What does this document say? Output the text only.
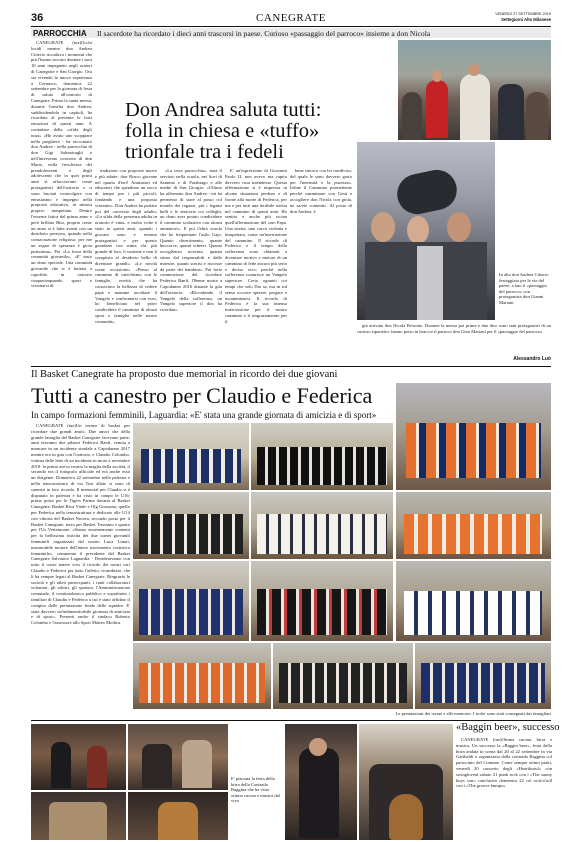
36	CANEGRATE	VENERDÌ 27 SETTEMBRE 2019
Settegiorni Alto Milanese
PARROCCHIA Il sacerdote ha ricordato i dieci anni trascorsi in paese. Curioso «passaggio del parroco» insieme a don Nicola
Don Andrea saluta tutti:
folla in chiesa e «tuffo»
trionfale tra i fedeli

CANEGRATE (tuz)Occhi lucidi mentre don Andrea Citterio ricordava i momenti che più l'hanno toccato durante i suoi 10 anni impegnato negli oratori di Canegrate e San Giorgio. Ora sta vivendo la nuova esperienza a Cernusco, domenica 22 settembre per la giornata di festa di saluto all'oratorio di Canegrate. Prima la santa messa, durante l'omelia don Andrea, suddividendola in capitoli, ha ricordato al presente le forti emozioni di questi anni. A contattare dalla «sfida degli inizi» «Ho avuto uno scoppiare nella preghiera - ha raccontato don Andrea - nella parrocchia di don Gigi Salmoiraghi e nell'intervento concreto di don Mario, nella freschezza dei preadolescenti e degli adolescenti che in quei primi anni si affacciavano come protagonisti dell'oratorio e si sono lasciati coinvolgere con entusiasmo e impegno nella proposta educativa, in misura proprio inaspettata. Dentro l'esserne fatica del primo anno e però brillato Rita, proprio come un anno si è fatta avanti con un desiderio prezioso, quando nella consacrazione religiosa: per me un segno di speranza e gioia purissima». Poi «La forza della comunità giovanile», «E' stato un dono speciale. Una comunità giovanile che si è buttata a capofitto in oratorio cinquecinquando spazi e visionarsi di

tradizioni con proposte nuove e più adatte: don Bosco giovane nel quarto d'ieri! Animatori ed educatori che spendono un sacco di tempo per i più piccoli, fondando e una proposta vincente». Don Andrea ha parlato poi del «servizio degli adulti» «La sfida della presenza adulta in oratorio è vinta, e molto volte è stato in questi anni, quando i giovani sono e restano protagonisti e per questo guardano con stima chi, più grande di loro, li sostiene e non li conquista al desiderio bello di diventare grandi». «Le novità come occasione» «Penso al cammino di catechismo con le famiglie, novità che ha conosciuto la bellezza di vedere papà e mamme ascoltare il Vangelo e confrontarsi con esso, ho beneficiato nel poter condividere il cammino di alcuni sposi e famiglie nelle nostre comunità».

«La terra parrocchia», nota il servizio nella scuola, nei licei di Sannino e di Parabiago e alle medie di San Giorgio: «Ultimo ha affermato don Andrea - mi ha permesso di stare al passo col mondo dei ragazzi, più i legami belli e le amicizie coi colleghi, un dono aver potuto condividere il cammino scolastico con alcuni animatori». E poi l'altra scuola che ho frequentato l'asilo Gajo. Quanto divertimento, quante buccacce, quanti scherzi. Quanta accoglienza ricevuta, quanta stima dal responsabili e dalle maestre, quanti sorrisi e riscosse da parte dei bambini». Poi forte commozione del ricordare Federica Banfi, l'8enne morta a Capodanno 2016 durante la gita dell'oratorio: «Ricordando il Vangelo della sofferenza, un Vangelo superiore il don ha ricordato:

E' un'espressione di Giovanni Paolo II, non avevo ma capito davvero cosa intendesse. Questa affermazione si è impressa in alcune situazioni perdure e di fronte alla morte di Federica, per me e per tutti una terribile stretta nel cammino di questi anni. Ho sentito e anche più vicina quell'affermazione del caro Papa. Una stretta, una curva violenta e inaspettata, come un'interruzione del cammino. Il ricordo di Federica e il tempo della sofferenza sono chiamati a diventare motivo e motore di un cammino di fede ancora più serio e deciso ecco perché nella sofferenza scaturisce un Vangelo superiore. Certo ognuno coi tempi che solo Dio sa, ma in sul senso occorre sperare, pregare e incamminarsi. Il ricordo di Federica è la sua intensa intercessione per il nostro cammino e il ringraziamento per il

bene sincero con lei condiviso, del quale le sono davvero grato per l'intensità e la purezza». Infine il Cammino promettente perché camminare con Gesù e accogliere don Nicola con gioia, ne sarete contenti». Al posto di don Andrea, è

In alto don Andrea Citterio festeggiato per le vie del paese; a lato il «passaggio del parroco» con protagonista don Gianni Mariani

già arrivato don Nicola Petronio. Durante la messa poi prima e due dico sono stati protagonisti di un curioso siparietto: hanno preso in braccio il parroco don Gino Mariani per il «passaggio del parroco».

Alessandro Luò
Il Basket Canegrate ha proposto due memorial in ricordo dei due giovani
Tutti a canestro per Claudio e Federica
In campo formazioni femminili, Laguardia: «E' stata una grande giornata di amicizia e di sport»

CANEGRATE (tuz)Un torneo di basket per ricordare due grandi amici. Due amici che della grande famiglia del Basket Canegrate facevano parte, anni eravamo due pilastri Federica Banfi, venuta a mancare in un incidente stradale a Capodanno 2017 mentre era in gita con l'oratorio, e Claudio Colombo, vittima delle lette di un incidente in moto a novembre 2018: la prima aveva vestito la maglia della società, il secondo era il fotografo ufficiale ed era anche esso un dirigente. Domenica 22 settembre nella palestra e nella tensostruttura di via Tosi allaie si sono di canestri in loro ricordo. Il memorial per Claudio si è disputato in palestra e ha visto in campo le U16: primo posto per le Tigers Parma davanti al Basket Canegrate, Basket Riva Vitale e Olg Giussano; quello per Federica nella tensostruttura e dedicato alle U14 con vittoria del Basket Nocera, secondo posto per il Basket Canegrate, terzo per Basket Trezzano e quarto per l'Us Vertemonte. «Siamo enormemente contenti per la bellissima riuscita dei due tornei giovanili femminili organizzati dal nostro Luca Linari, instancabile motore dell'intero movimento cestistico femminile», commenta il presidente del Basket Canegrate Salvatore Laguardia - Desideravamo con tutto il cuore tenere vivo il ricordo dei nostri cari Claudio e Federica per tutto l'affetto, ricambiato, che li ha sempre legati al Basket Canegrate. Ringrazio le società e gli atleti partecipanti, i tanti collaboratori volontari, gli arbitri, gli sponsor, l'Amministrazione comunale, il comitatobasico pubblico e soprattutto i familiari di Claudio e Federica a cui è stato affidato il compito delle premiazione finale delle squadre. E' stata davvero un'indimenticabile giornata di amicizia e di sport». Presenti anche il sindaco Roberto Colombo e l'assessore allo Sport Matteo Modica.

Le premiazioni dei tornei e alle memorie. I trofei sono stati consegnati dai famigliari
E' piaciuta la festa della birra della Contrada Baggina che ha visto ottima cucina e musica dal vivo
«Baggin beer», successo

CANEGRATE (tuz)Ottima cucina, birra e musica. Un successo la «Baggin beer», festa della birra andata in scena dal 20 al 22 settembre in via Garibaldi e organizzata dalla contrada Baggina col patrocinio del Comune. Come sempre ottimi piatti, venerdì 20 concerto degli «Heartksoul» con swingloveat sabato 21 punk rock con i «The sunny boys con» conclusive domenica 22 col rock'n'roll con i «The groove bumps».
